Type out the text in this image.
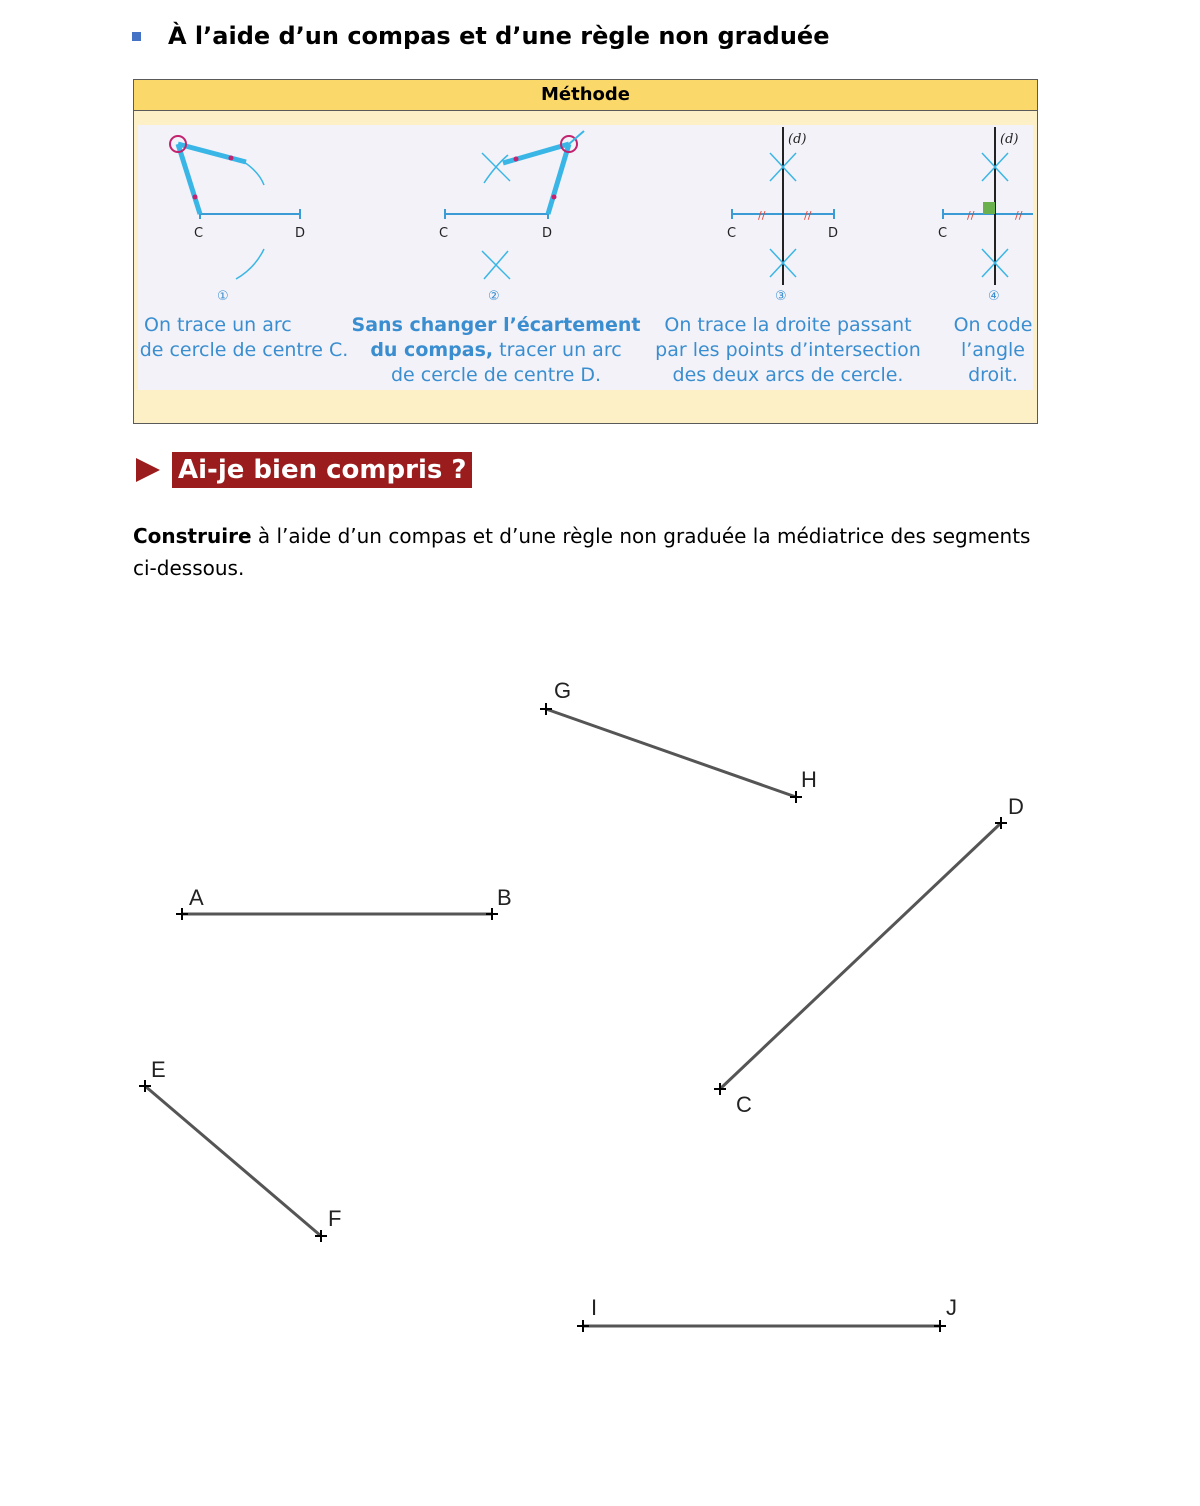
À l’aide d’un compas et d’une règle non graduée
Méthode
//	//	//	//
C	D	C	D	C	D
(d)
C
(d)
①	②	③	④
On trace un arc
de cercle de centre C.
Sans changer l’écartement
du compas, tracer un arc
de cercle de centre D.
On trace la droite passant
par les points d’intersection
des deux arcs de cercle.
On code
l’angle
droit.
Ai-je bien compris ?
Construire à l’aide d’un compas et d’une règle non graduée la médiatrice des segments
ci-dessous.
A	B
G
H
C
D
E
F
I	J
